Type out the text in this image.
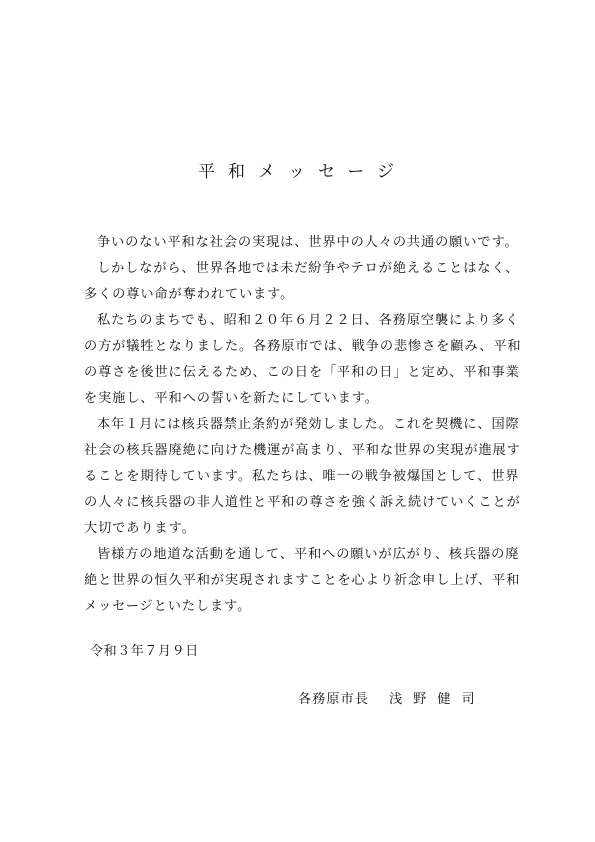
平和メッセージ

争いのない平和な社会の実現は、世界中の人々の共通の願いです。

しかしながら、世界各地では未だ紛争やテロが絶えることはなく、多くの尊い命が奪われています。

私たちのまちでも、昭和２０年６月２２日、各務原空襲により多くの方が犠牲となりました。各務原市では、戦争の悲惨さを顧み、平和の尊さを後世に伝えるため、この日を「平和の日」と定め、平和事業を実施し、平和への誓いを新たにしています。

本年１月には核兵器禁止条約が発効しました。これを契機に、国際社会の核兵器廃絶に向けた機運が高まり、平和な世界の実現が進展することを期待しています。私たちは、唯一の戦争被爆国として、世界の人々に核兵器の非人道性と平和の尊さを強く訴え続けていくことが大切であります。

皆様方の地道な活動を通して、平和への願いが広がり、核兵器の廃絶と世界の恒久平和が実現されますことを心より祈念申し上げ、平和メッセージといたします。

令和３年７月９日
各務原市長 浅野健司
